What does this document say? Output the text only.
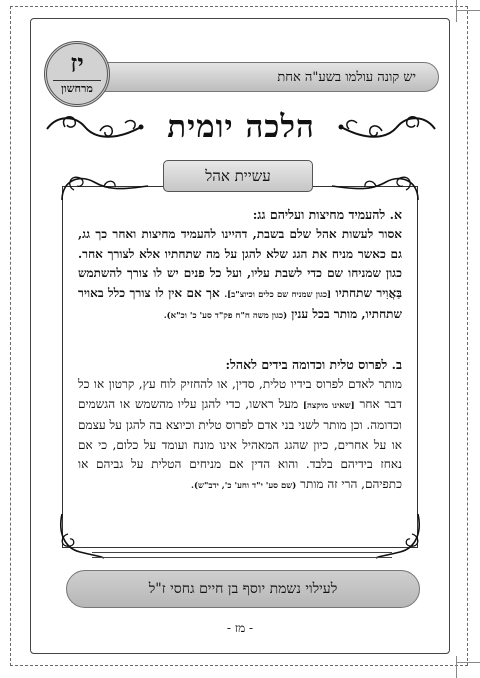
יש קונה עולמו בשע"ה אחת
יז
מרחשון
הלכה יומית
עשיית אהל

א. להעמיד מחיצות ועליהם גג:

אסור לעשות אהל שלם בשבת, דהיינו להעמיד מחיצות ואחר כך גג, גם כאשר מניח את הגג שלא להגן על מה שתחתיו אלא לצורך אחר. כגון שמניחו שם כדי לשבת עליו, ועל כל פנים יש לו צורך להשתמש בַּאֲוִיר שתחתיו [כגון שמניח שם כלים וכיוצ"ב]. אך אם אין לו צורך כלל באויר שתחתיו, מותר בכל ענין (כגון משה ח"ח פק"ד סע' כ' וכ"א).

ב. לפרוס טלית וכדומה בידים לאהל:

מותר לאדם לפרוס בידיו טלית, סדין, או להחזיק לוח עץ, קרטון או כל דבר אחר [שאינו מוקצה] מעל ראשו, כדי להגן עליו מהשמש או הגשמים וכדומה. וכן מותר לשני בני אדם לפרוס טלית וכיוצא בה להגן על עצמם או על אחרים, כיון שהגג המאהיל אינו מונח ועומד על כלום, כי אם נאחז בידיהם בלבד. והוא הדין אם מניחים הטלית על גביהם או כתפיהם, הרי זה מותר (שם סע' י"ד וחע' כ', ידב"ש).

לעילוי נשמת יוסף בן חיים גחסי ז"ל
- מז -
